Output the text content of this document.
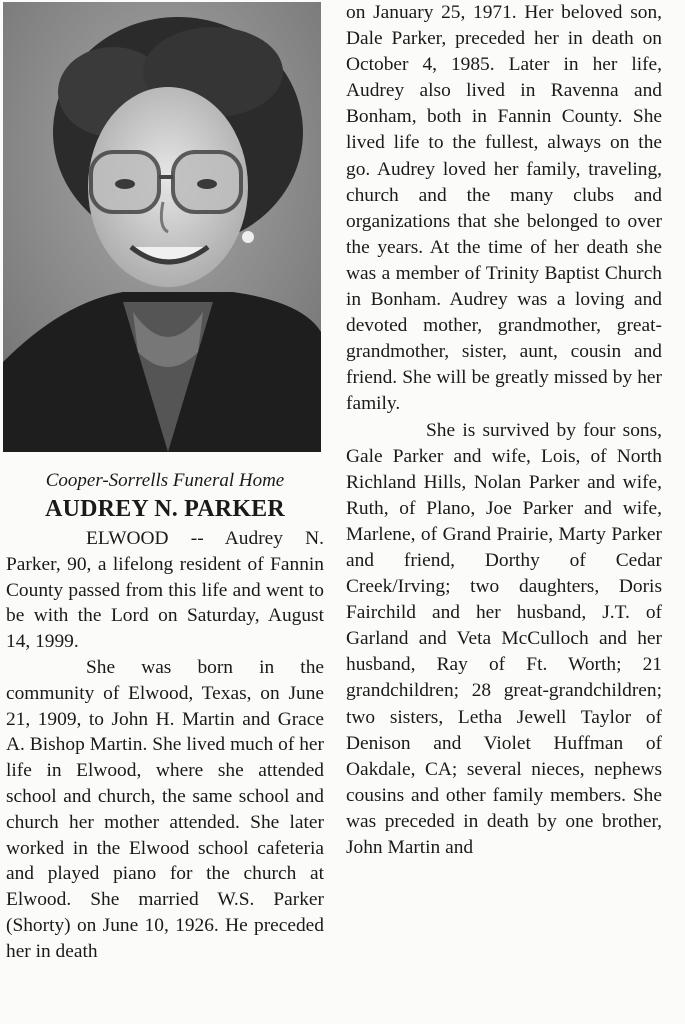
Cooper-Sorrells Funeral Home

AUDREY N. PARKER

ELWOOD -- Audrey N. Parker, 90, a lifelong resident of Fannin County passed from this life and went to be with the Lord on Saturday, August 14, 1999.

She was born in the community of Elwood, Texas, on June 21, 1909, to John H. Martin and Grace A. Bishop Martin. She lived much of her life in Elwood, where she attended school and church, the same school and church her mother attended. She later worked in the Elwood school cafeteria and played piano for the church at Elwood. She married W.S. Parker (Shorty) on June 10, 1926. He preceded her in death

on January 25, 1971. Her beloved son, Dale Parker, preceded her in death on October 4, 1985. Later in her life, Audrey also lived in Ravenna and Bonham, both in Fannin County. She lived life to the fullest, always on the go. Audrey loved her family, traveling, church and the many clubs and organizations that she belonged to over the years. At the time of her death she was a member of Trinity Baptist Church in Bonham. Audrey was a loving and devoted mother, grandmother, great-grandmother, sister, aunt, cousin and friend. She will be greatly missed by her family.

She is survived by four sons, Gale Parker and wife, Lois, of North Richland Hills, Nolan Parker and wife, Ruth, of Plano, Joe Parker and wife, Marlene, of Grand Prairie, Marty Parker and friend, Dorthy of Cedar Creek/Irving; two daughters, Doris Fairchild and her husband, J.T. of Garland and Veta McCulloch and her husband, Ray of Ft. Worth; 21 grandchildren; 28 great-grandchildren; two sisters, Letha Jewell Taylor of Denison and Violet Huffman of Oakdale, CA; several nieces, nephews cousins and other family members. She was preceded in death by one brother, John Martin and
